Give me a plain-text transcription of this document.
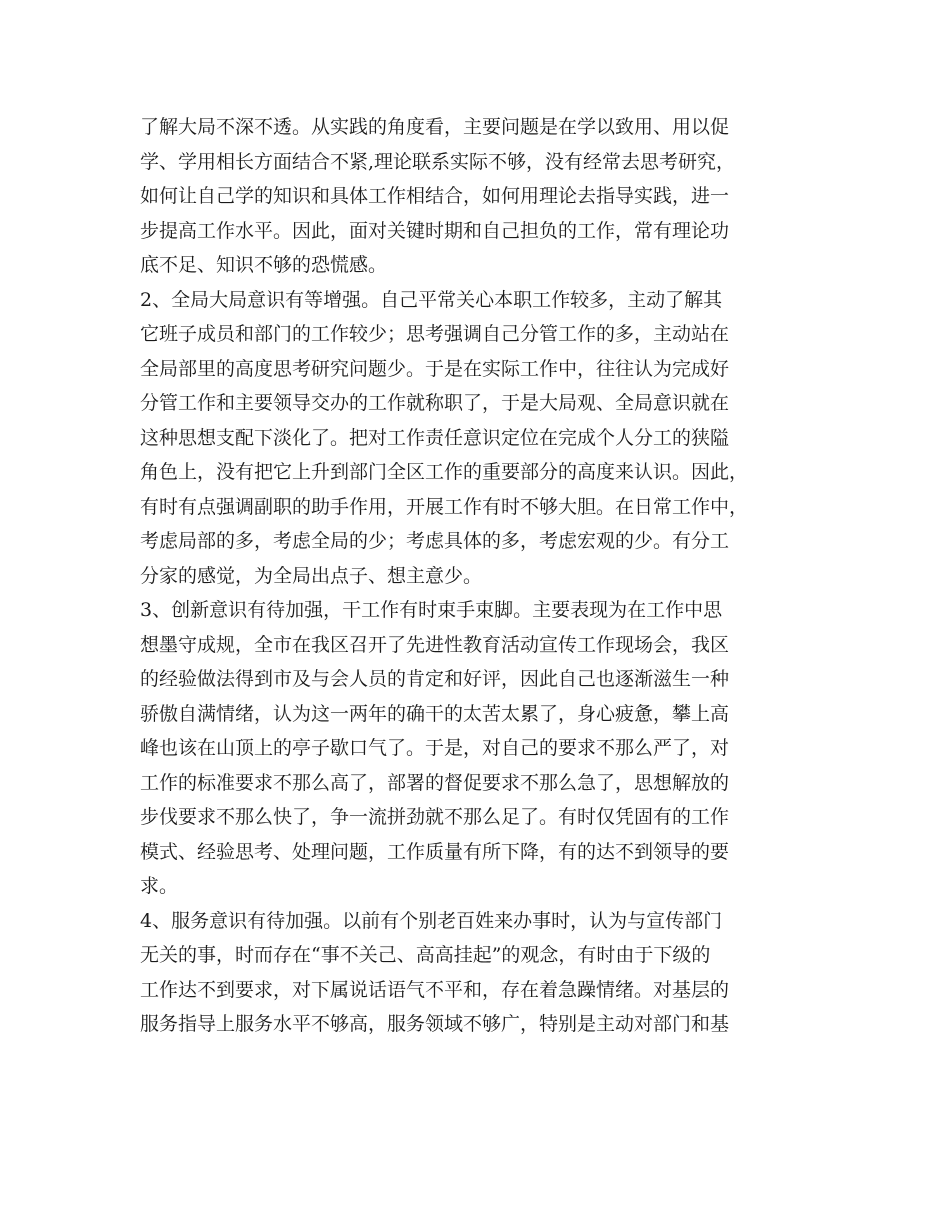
了解大局不深不透。从实践的角度看，主要问题是在学以致用、用以促
学、学用相长方面结合不紧,理论联系实际不够，没有经常去思考研究，
如何让自己学的知识和具体工作相结合，如何用理论去指导实践，进一
步提高工作水平。因此，面对关键时期和自己担负的工作，常有理论功
底不足、知识不够的恐慌感。
2、全局大局意识有等增强。自己平常关心本职工作较多，主动了解其
它班子成员和部门的工作较少；思考强调自己分管工作的多，主动站在
全局部里的高度思考研究问题少。于是在实际工作中，往往认为完成好
分管工作和主要领导交办的工作就称职了，于是大局观、全局意识就在
这种思想支配下淡化了。把对工作责任意识定位在完成个人分工的狭隘
角色上，没有把它上升到部门全区工作的重要部分的高度来认识。因此，
有时有点强调副职的助手作用，开展工作有时不够大胆。在日常工作中，
考虑局部的多，考虑全局的少；考虑具体的多，考虑宏观的少。有分工
分家的感觉，为全局出点子、想主意少。
3、创新意识有待加强，干工作有时束手束脚。主要表现为在工作中思
想墨守成规，全市在我区召开了先进性教育活动宣传工作现场会，我区
的经验做法得到市及与会人员的肯定和好评，因此自己也逐渐滋生一种
骄傲自满情绪，认为这一两年的确干的太苦太累了，身心疲惫，攀上高
峰也该在山顶上的亭子歇口气了。于是，对自己的要求不那么严了，对
工作的标准要求不那么高了，部署的督促要求不那么急了，思想解放的
步伐要求不那么快了，争一流拼劲就不那么足了。有时仅凭固有的工作
模式、经验思考、处理问题，工作质量有所下降，有的达不到领导的要
求。
4、服务意识有待加强。以前有个别老百姓来办事时，认为与宣传部门
无关的事，时而存在“事不关己、高高挂起”的观念，有时由于下级的
工作达不到要求，对下属说话语气不平和，存在着急躁情绪。对基层的
服务指导上服务水平不够高，服务领域不够广，特别是主动对部门和基
